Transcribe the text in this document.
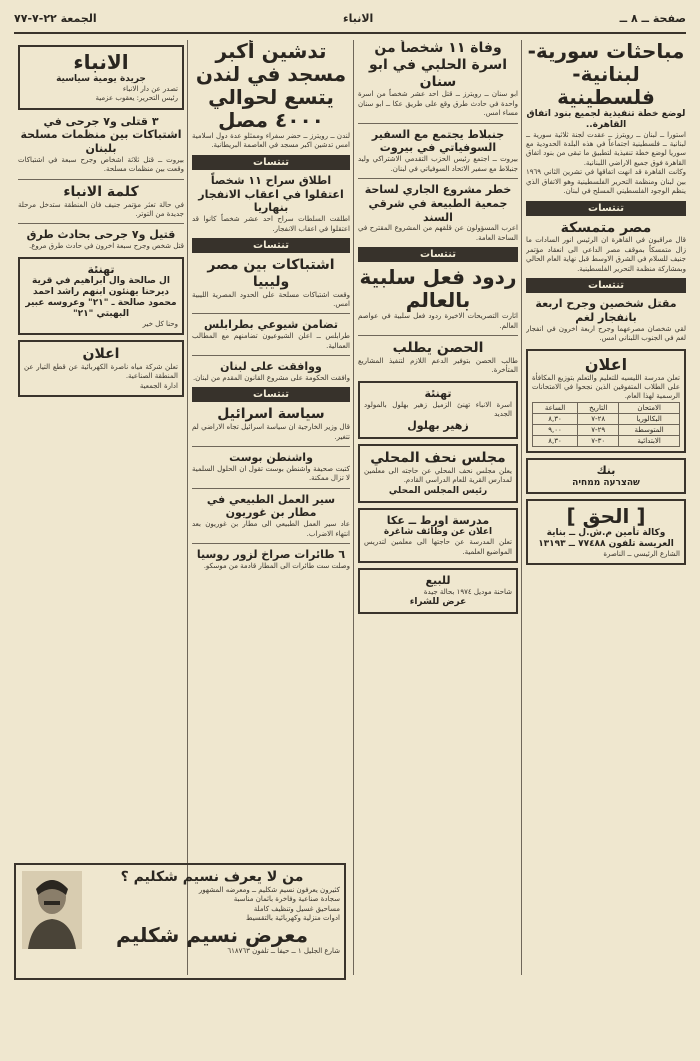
صفحة ــ ٨ ــ
الانباء
الجمعة ٢٢-٧-٧٧
مباحثات سورية-لبنانية-فلسطينية
لوضع خطة تنفيذية لجميع بنود اتفاق القاهرة..
استورا ــ لبنان ــ رويترز ــ عقدت لجنة ثلاثية سورية ــ لبنانية ــ فلسطينية اجتماعاً في هذه البلدة الحدودية مع سوريا لوضع خطة تنفيذية لتطبيق ما تبقى من بنود اتفاق القاهرة فوق جميع الاراضي اللبنانية.
وكانت القاهرة قد انهت اتفاقها في تشرين الثاني ١٩٦٩ بين لبنان ومنظمة التحرير الفلسطينية وهو الاتفاق الذي ينظم الوجود الفلسطيني المسلح في لبنان.
تنتسات
مصر متمسكة
قال مراقبون في القاهرة ان الرئيس انور السادات ما زال متمسكاً بموقف مصر الداعي الى انعقاد مؤتمر جنيف للسلام في الشرق الاوسط قبل نهاية العام الحالي وبمشاركة منظمة التحرير الفلسطينية.
تنتسات
مقتل شخصين وجرح اربعة بانفجار لغم
لقي شخصان مصرعهما وجرح اربعة اخرون في انفجار لغم في الجنوب اللبناني امس.
اعلان
تعلن مدرسة الليسيه للتعليم والتعلم بتوزيع المكافأة على الطلاب المتفوقين الذين نجحوا في الامتحانات الرسمية لهذا العام.
الامتحان	التاريخ	الساعة
البكالوريا	٢٨-٧	٨,٣٠
المتوسطة	٢٩-٧	٩,٠٠
الابتدائية	٣٠-٧	٨,٣٠
بنك
שהצרעה ממחיה
[ الحق ]
وكالة تأمين م.ش.ل ــ بناية العريسة تلفون ٧٧٤٨٨ ــ ١٣١٩٣
الشارع الرئيسي ــ الناصرة
وفاة ١١ شخصاً من اسرة الحلبي في ابو سنان
ابو سنان ــ رويترز ــ قتل احد عشر شخصاً من اسرة واحدة في حادث طرق وقع على طريق عكا ــ ابو سنان مساء امس.
جنبلاط يجتمع مع السفير السوفياتي في بيروت
بيروت ــ اجتمع رئيس الحزب التقدمي الاشتراكي وليد جنبلاط مع سفير الاتحاد السوفياتي في لبنان.
خطر مشروع الجاري لساحة جمعية الطبيعة في شرقي السند
اعرب المسؤولون عن قلقهم من المشروع المقترح في الساحة العامة.
تنتسات
ردود فعل سلبية بالعالم
اثارت التصريحات الاخيرة ردود فعل سلبية في عواصم العالم.
الحصن يطلب
طالب الحصن بتوفير الدعم اللازم لتنفيذ المشاريع المتأخرة.
تهنئة
اسرة الانباء تهنئ الزميل زهير بهلول بالمولود الجديد
زهير بهلول
مجلس نحف المحلي
يعلن مجلس نحف المحلي عن حاجته الى معلمين لمدارس القرية للعام الدراسي القادم.
رئيس المجلس المحلي
مدرسة اورط ــ عكا
اعلان عن وظائف شاغرة
تعلن المدرسة عن حاجتها الى معلمين لتدريس المواضيع العلمية.
للبيع
شاحنة موديل ١٩٧٤ بحالة جيدة
عرض للشراء
تدشين أكبر مسجد في لندن يتسع لحوالي ٤٠٠٠ مصل
لندن ــ رويترز ــ حضر سفراء وممثلو عدة دول اسلامية امس تدشين اكبر مسجد في العاصمة البريطانية.
تنتسات
اطلاق سراح ١١ شخصاً اعتقلوا في اعقاب الانفجار بنهاريا
اطلقت السلطات سراح احد عشر شخصاً كانوا قد اعتقلوا في اعقاب الانفجار.
تنتسات
اشتباكات بين مصر وليبيا
وقعت اشتباكات مسلحة على الحدود المصرية الليبية امس.
تضامن شيوعي بطرابلس
طرابلس ــ اعلن الشيوعيون تضامنهم مع المطالب العمالية.
ووافقت على لبنان
وافقت الحكومة على مشروع القانون المقدم من لبنان.
تنتسات
سياسة اسرائيل
قال وزير الخارجية ان سياسة اسرائيل تجاه الاراضي لم تتغير.
واشنطن بوست
كتبت صحيفة واشنطن بوست تقول ان الحلول السلمية لا تزال ممكنة.
سير العمل الطبيعي في مطار بن غوريون
عاد سير العمل الطبيعي الى مطار بن غوريون بعد انتهاء الاضراب.
٦ طائرات صراخ لزور روسيا
وصلت ست طائرات الى المطار قادمة من موسكو.
الانباء
جريدة يومية سياسية
تصدر عن دار الانباء
رئيس التحرير: يعقوب عزمية
٣ قتلى و٧ جرحى في اشتباكات بين منظمات مسلحة بلبنان
بيروت ــ قتل ثلاثة اشخاص وجرح سبعة في اشتباكات وقعت بين منظمات مسلحة.
كلمة الانباء
في حالة تعثر مؤتمر جنيف فان المنطقة ستدخل مرحلة جديدة من التوتر.
قتيل و٧ جرحى بحادث طرق
قتل شخص وجرح سبعة اخرون في حادث طرق مروع.
تهنئة
ال صالحة وال ابراهيم في قرية ديرحنا يهنئون ابنهم راشد احمد محمود صالحة ـ "٢١" وعروسه عبير البهبتي "٢١"
وحنا كل خير
اعلان
تعلن شركة مياه ناصرة الكهربائية عن قطع التيار عن المنطقة الصناعية.
ادارة الجمعية
من لا يعرف نسيم شكليم ؟
كثيرون يعرفون نسيم شكليم ــ ومعرضه المشهور
سجادة صناعية وفاخرة باثمان مناسبة
مساحيق غسيل وتنظيف كاملة
ادوات منزلية وكهربائية بالتقسيط
معرض نسيم شكليم
شارع الجليل ١ ــ حيفا ــ تلفون ٦١٨٧٦٣
